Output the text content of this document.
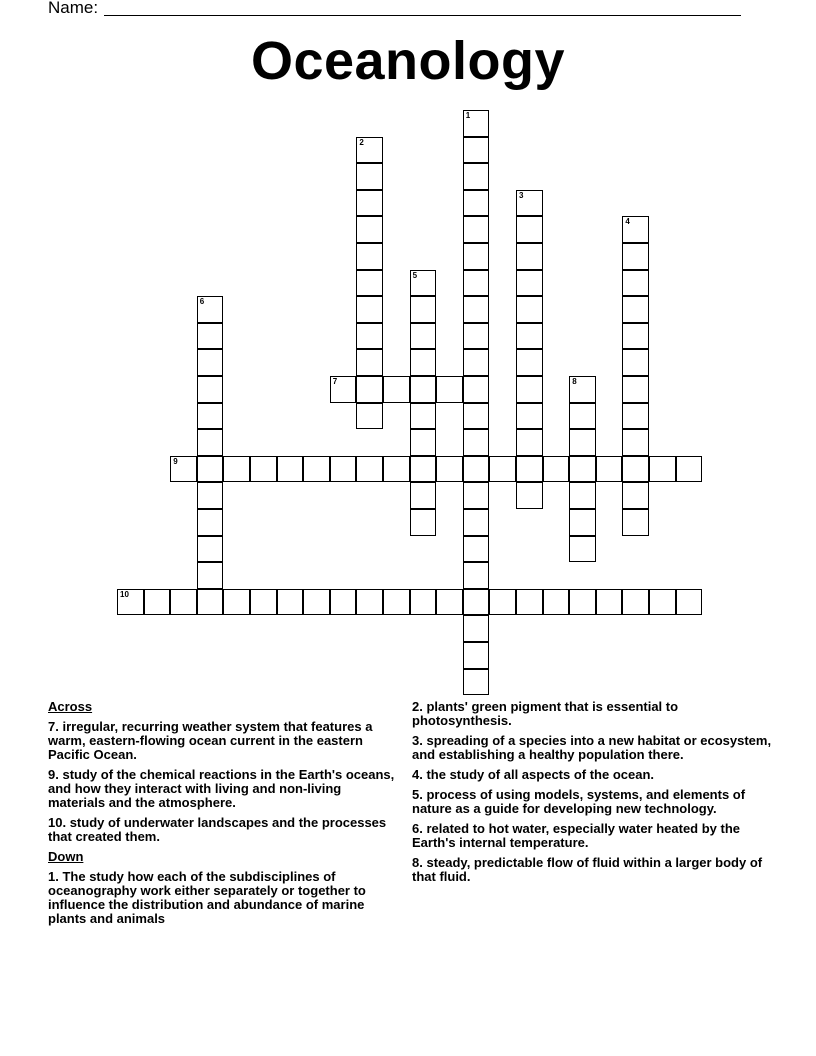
Name:
Oceanology
1
2
3
4
5
6
7	8
9
10
Across
7. irregular, recurring weather system that features a warm, eastern-flowing ocean current in the eastern Pacific Ocean.
9. study of the chemical reactions in the Earth's oceans, and how they interact with living and non-living materials and the atmosphere.
10. study of underwater landscapes and the processes that created them.
Down
1. The study how each of the subdisciplines of oceanography work either separately or together to influence the distribution and abundance of marine plants and animals
2. plants' green pigment that is essential to photosynthesis.
3. spreading of a species into a new habitat or ecosystem, and establishing a healthy population there.
4. the study of all aspects of the ocean.
5. process of using models, systems, and elements of nature as a guide for developing new technology.
6. related to hot water, especially water heated by the Earth's internal temperature.
8. steady, predictable flow of fluid within a larger body of that fluid.
